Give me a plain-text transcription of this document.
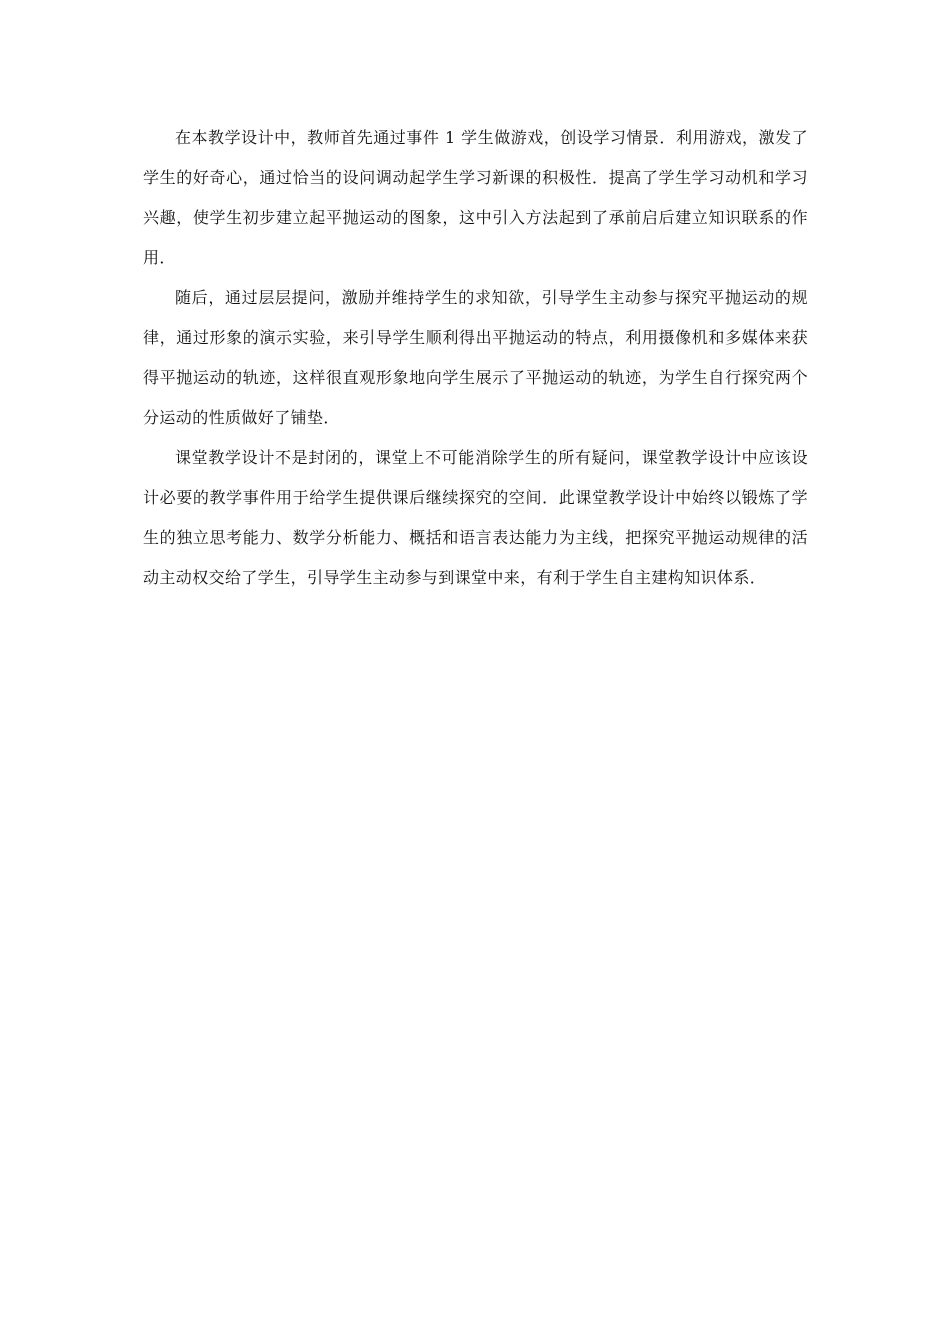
在本教学设计中，教师首先通过事件 1 学生做游戏，创设学习情景．利用游戏，激发了学生的好奇心，通过恰当的设问调动起学生学习新课的积极性．提高了学生学习动机和学习兴趣，使学生初步建立起平抛运动的图象，这中引入方法起到了承前启后建立知识联系的作用．

随后，通过层层提问，激励并维持学生的求知欲，引导学生主动参与探究平抛运动的规律，通过形象的演示实验，来引导学生顺利得出平抛运动的特点，利用摄像机和多媒体来获得平抛运动的轨迹，这样很直观形象地向学生展示了平抛运动的轨迹，为学生自行探究两个分运动的性质做好了铺垫．

课堂教学设计不是封闭的，课堂上不可能消除学生的所有疑问，课堂教学设计中应该设计必要的教学事件用于给学生提供课后继续探究的空间．此课堂教学设计中始终以锻炼了学生的独立思考能力、数学分析能力、概括和语言表达能力为主线，把探究平抛运动规律的活动主动权交给了学生，引导学生主动参与到课堂中来，有利于学生自主建构知识体系．
